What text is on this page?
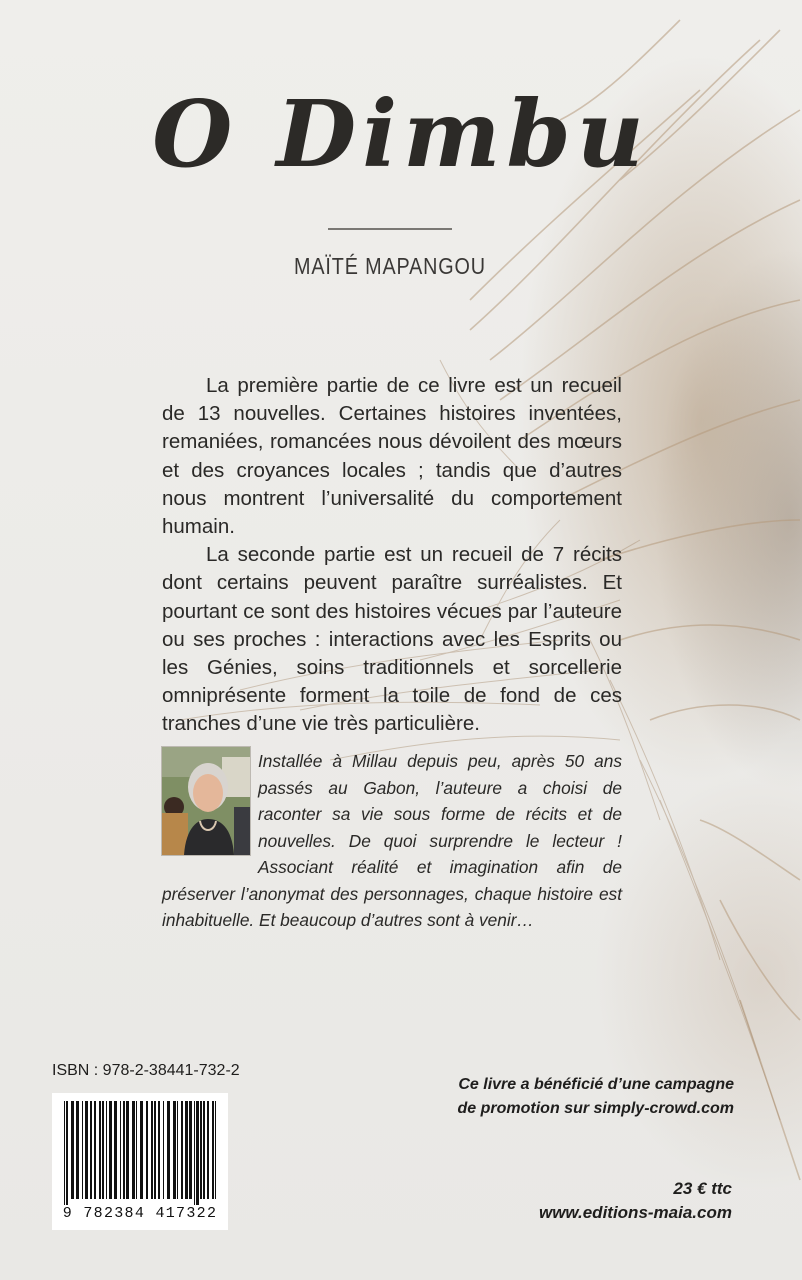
O Dimbu
MAÏTÉ MAPANGOU

La première partie de ce livre est un recueil de 13 nouvelles. Certaines histoires inventées, remaniées, romancées nous dévoilent des mœurs et des croyances locales ; tandis que d’autres nous montrent l’universalité du comportement humain.

La seconde partie est un recueil de 7 récits dont certains peuvent paraître surréalistes. Et pourtant ce sont des histoires vécues par l’auteure ou ses proches : interactions avec les Esprits ou les Génies, soins traditionnels et sorcellerie omniprésente forment la toile de fond de ces tranches d’une vie très particulière.

Installée à Millau depuis peu, après 50 ans passés au Gabon, l’auteure a choisi de raconter sa vie sous forme de récits et de nouvelles. De quoi surprendre le lecteur ! Associant réalité et imagination afin de préserver l’anonymat des personnages, chaque histoire est inhabituelle. Et beaucoup d’autres sont à venir…

ISBN : 978-2-38441-732-2
9 782384 417322
Ce livre a bénéficié d’une campagne
de promotion sur simply-crowd.com
23 € ttc
www.editions-maia.com
